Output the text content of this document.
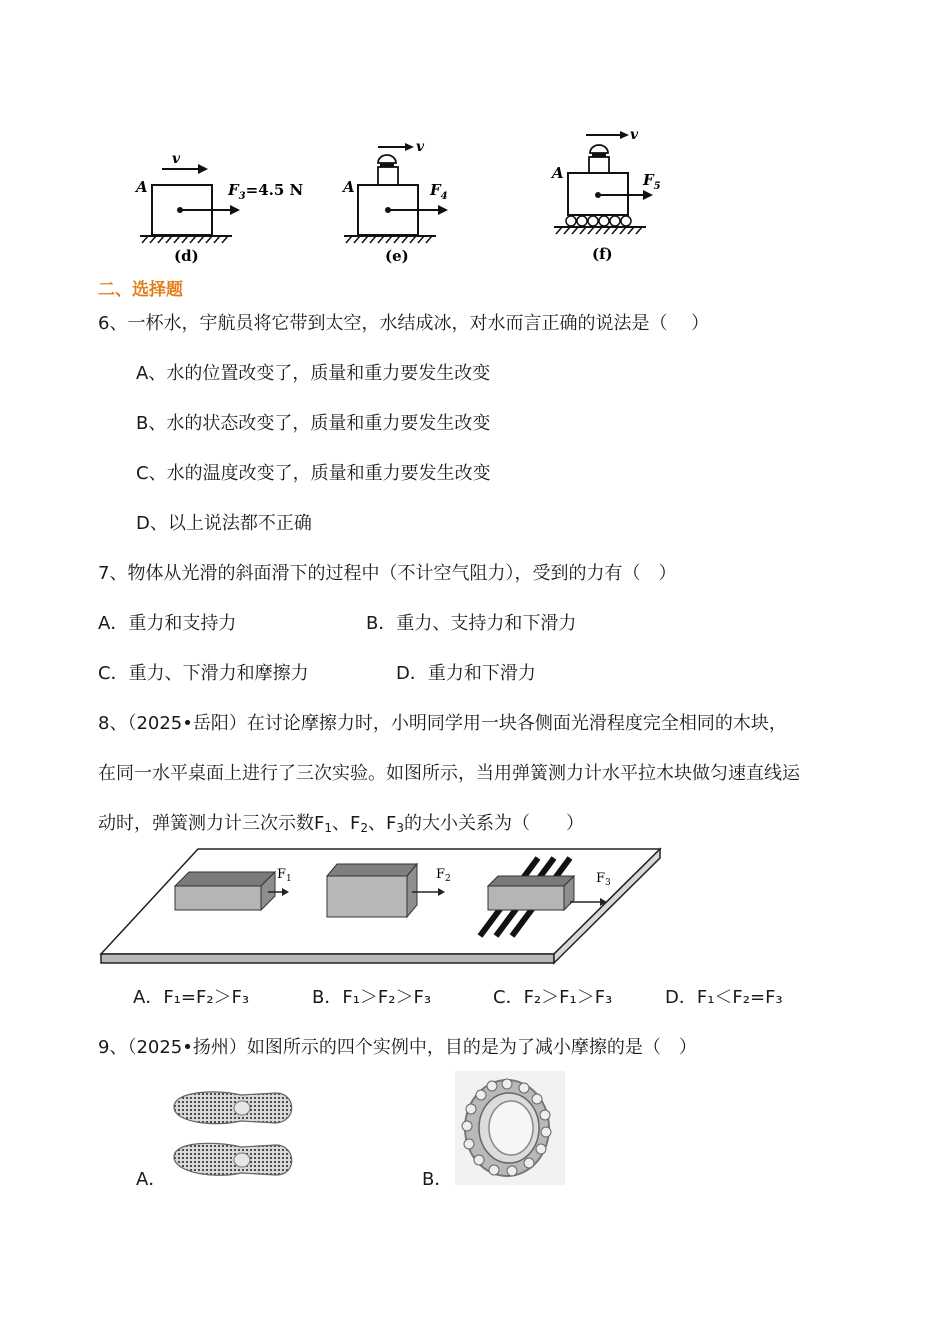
v
A	$F_3=4.5$ N
(d)
v
A	$F_4$
(e)
v
A	$F_5$
(f)
二、选择题
6、一杯水，宇航员将它带到太空，水结成冰，对水而言正确的说法是（　 ）
A、水的位置改变了，质量和重力要发生改变
B、水的状态改变了，质量和重力要发生改变
C、水的温度改变了，质量和重力要发生改变
D、以上说法都不正确
7、物体从光滑的斜面滑下的过程中（不计空气阻力），受到的力有（　）
A．重力和支持力	B．重力、支持力和下滑力
C．重力、下滑力和摩擦力	D．重力和下滑力
8、（2025•岳阳）在讨论摩擦力时，小明同学用一块各侧面光滑程度完全相同的木块，
在同一水平桌面上进行了三次实验。如图所示，当用弹簧测力计水平拉木块做匀速直线运
动时，弹簧测力计三次示数$F_1$、$F_2$、$F_3$的大小关系为（　　）
$F_1$	$F_2$	$F_3$
A．F₁=F₂＞F₃	B．F₁＞F₂＞F₃	C．F₂＞F₁＞F₃	D．F₁＜F₂=F₃
9、（2025•扬州）如图所示的四个实例中，目的是为了减小摩擦的是（　）
A．	B．
